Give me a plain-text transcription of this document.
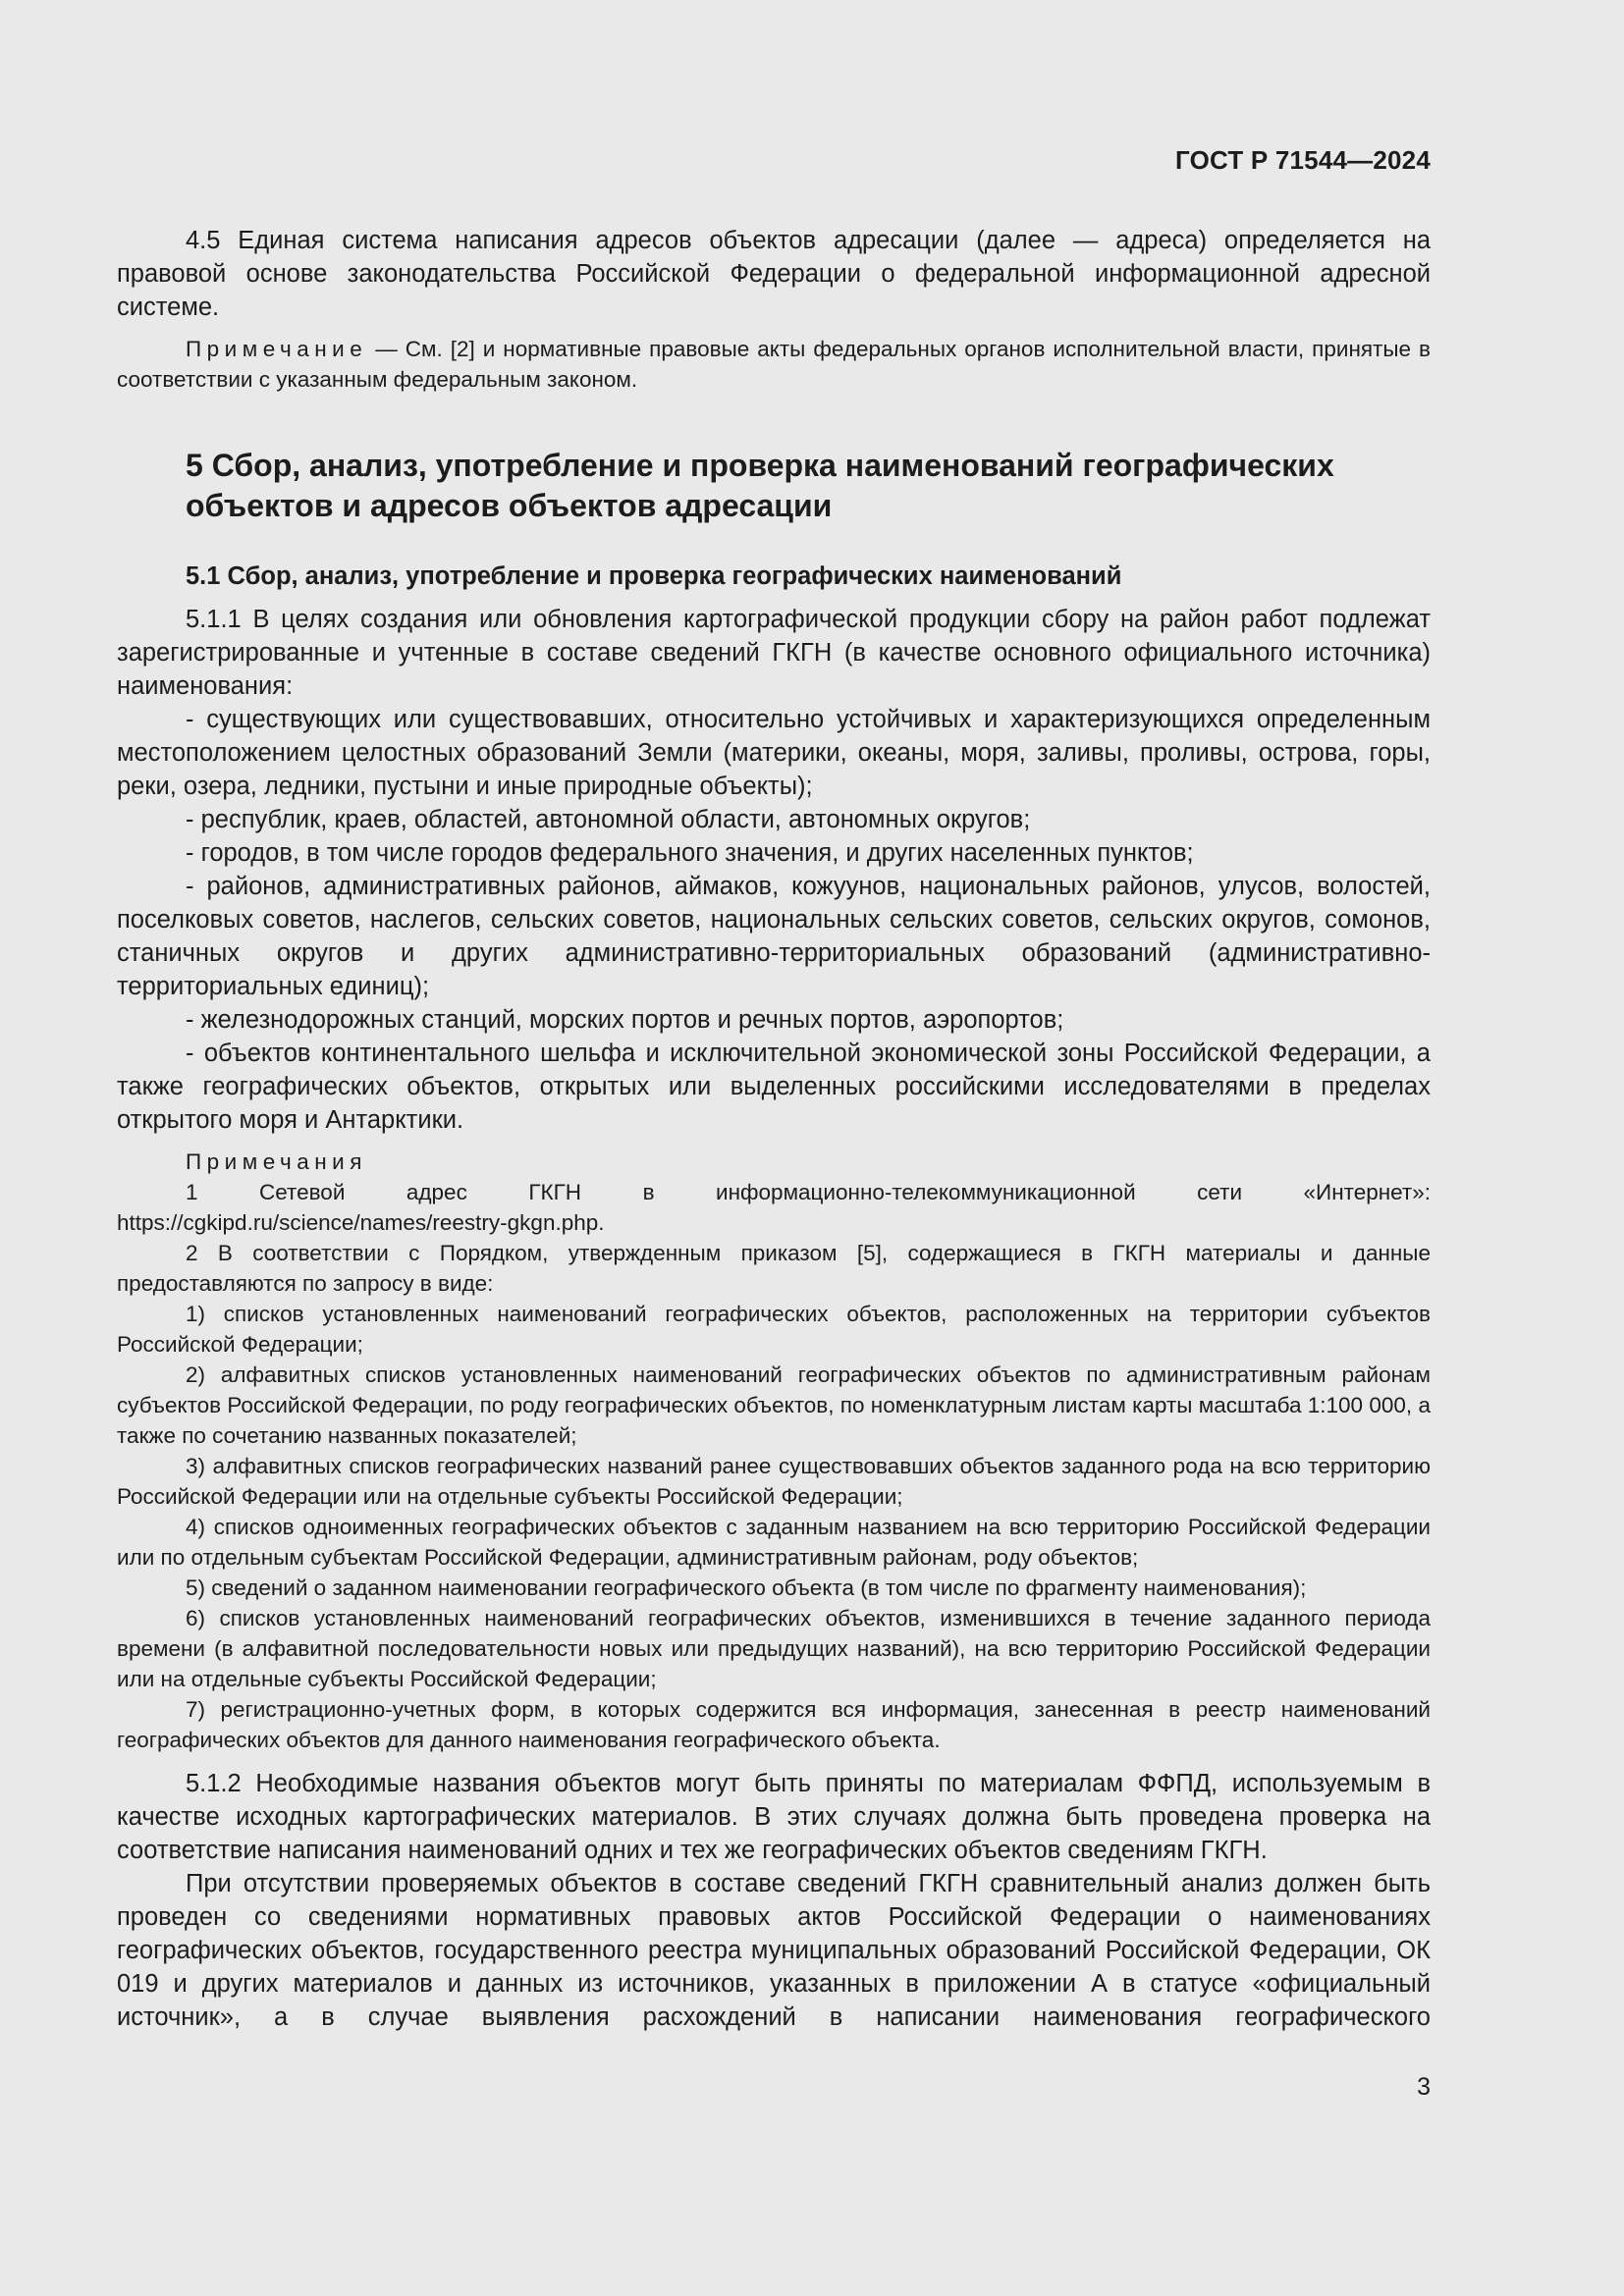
ГОСТ Р 71544—2024

4.5 Единая система написания адресов объектов адресации (далее — адреса) определяется на правовой основе законодательства Российской Федерации о федеральной информационной адресной системе.

Примечание — См. [2] и нормативные правовые акты федеральных органов исполнительной власти, принятые в соответствии с указанным федеральным законом.

5 Сбор, анализ, употребление и проверка наименований географических объектов и адресов объектов адресации
5.1 Сбор, анализ, употребление и проверка географических наименований

5.1.1 В целях создания или обновления картографической продукции сбору на район работ подлежат зарегистрированные и учтенные в составе сведений ГКГН (в качестве основного официального источника) наименования:

- существующих или существовавших, относительно устойчивых и характеризующихся определенным местоположением целостных образований Земли (материки, океаны, моря, заливы, проливы, острова, горы, реки, озера, ледники, пустыни и иные природные объекты);

- республик, краев, областей, автономной области, автономных округов;

- городов, в том числе городов федерального значения, и других населенных пунктов;

- районов, административных районов, аймаков, кожуунов, национальных районов, улусов, волостей, поселковых советов, наслегов, сельских советов, национальных сельских советов, сельских округов, сомонов, станичных округов и других административно-территориальных образований (административно-территориальных единиц);

- железнодорожных станций, морских портов и речных портов, аэропортов;

- объектов континентального шельфа и исключительной экономической зоны Российской Федерации, а также географических объектов, открытых или выделенных российскими исследователями в пределах открытого моря и Антарктики.

Примечания

1 Сетевой адрес ГКГН в информационно-телекоммуникационной сети «Интернет»: https://cgkipd.ru/science/names/reestry-gkgn.php.

2 В соответствии с Порядком, утвержденным приказом [5], содержащиеся в ГКГН материалы и данные предоставляются по запросу в виде:

1) списков установленных наименований географических объектов, расположенных на территории субъектов Российской Федерации;

2) алфавитных списков установленных наименований географических объектов по административным районам субъектов Российской Федерации, по роду географических объектов, по номенклатурным листам карты масштаба 1:100 000, а также по сочетанию названных показателей;

3) алфавитных списков географических названий ранее существовавших объектов заданного рода на всю территорию Российской Федерации или на отдельные субъекты Российской Федерации;

4) списков одноименных географических объектов с заданным названием на всю территорию Российской Федерации или по отдельным субъектам Российской Федерации, административным районам, роду объектов;

5) сведений о заданном наименовании географического объекта (в том числе по фрагменту наименования);

6) списков установленных наименований географических объектов, изменившихся в течение заданного периода времени (в алфавитной последовательности новых или предыдущих названий), на всю территорию Российской Федерации или на отдельные субъекты Российской Федерации;

7) регистрационно-учетных форм, в которых содержится вся информация, занесенная в реестр наименований географических объектов для данного наименования географического объекта.

5.1.2 Необходимые названия объектов могут быть приняты по материалам ФФПД, используемым в качестве исходных картографических материалов. В этих случаях должна быть проведена проверка на соответствие написания наименований одних и тех же географических объектов сведениям ГКГН.

При отсутствии проверяемых объектов в составе сведений ГКГН сравнительный анализ должен быть проведен со сведениями нормативных правовых актов Российской Федерации о наименованиях географических объектов, государственного реестра муниципальных образований Российской Федерации, ОК 019 и других материалов и данных из источников, указанных в приложении А в статусе «официальный источник», а в случае выявления расхождений в написании наименования географического

3
